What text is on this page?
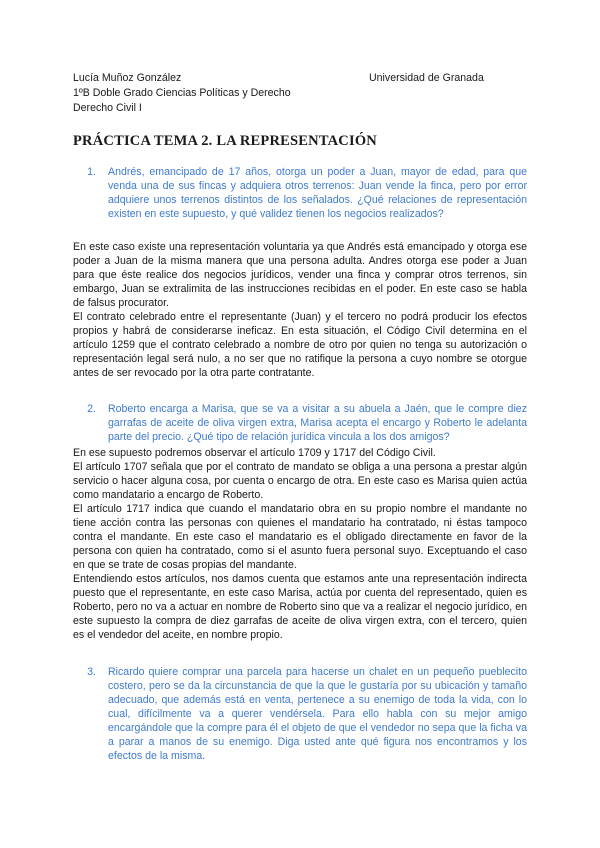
Lucía Muñoz González	Universidad de Granada
1ºB Doble Grado Ciencias Políticas y Derecho
Derecho Civil I
PRÁCTICA TEMA 2. LA REPRESENTACIÓN
1.	Andrés, emancipado de 17 años, otorga un poder a Juan, mayor de edad, para que venda una de sus fincas y adquiera otros terrenos: Juan vende la finca, pero por error adquiere unos terrenos distintos de los señalados. ¿Qué relaciones de representación existen en este supuesto, y qué validez tienen los negocios realizados?

En este caso existe una representación voluntaria ya que Andrés está emancipado y otorga ese poder a Juan de la misma manera que una persona adulta. Andres otorga ese poder a Juan para que éste realice dos negocios jurídicos, vender una finca y comprar otros terrenos, sin embargo, Juan se extralimita de las instrucciones recibidas en el poder. En este caso se habla de falsus procurator.

El contrato celebrado entre el representante (Juan) y el tercero no podrá producir los efectos propios y habrá de considerarse ineficaz. En esta situación, el Código Civil determina en el artículo 1259 que el contrato celebrado a nombre de otro por quien no tenga su autorización o representación legal será nulo, a no ser que no ratifique la persona a cuyo nombre se otorgue antes de ser revocado por la otra parte contratante.

2.	Roberto encarga a Marisa, que se va a visitar a su abuela a Jaén, que le compre diez garrafas de aceite de oliva virgen extra, Marisa acepta el encargo y Roberto le adelanta parte del precio. ¿Qué tipo de relación jurídica vincula a los dos amigos?

En ese supuesto podremos observar el artículo 1709 y 1717 del Código Civil.

El artículo 1707 señala que por el contrato de mandato se obliga a una persona a prestar algún servicio o hacer alguna cosa, por cuenta o encargo de otra. En este caso es Marisa quien actúa como mandatario a encargo de Roberto.

El artículo 1717 indica que cuando el mandatario obra en su propio nombre el mandante no tiene acción contra las personas con quienes el mandatario ha contratado, ni éstas tampoco contra el mandante. En este caso el mandatario es el obligado directamente en favor de la persona con quien ha contratado, como si el asunto fuera personal suyo. Exceptuando el caso en que se trate de cosas propias del mandante.

Entendiendo estos artículos, nos damos cuenta que estamos ante una representación indirecta puesto que el representante, en este caso Marisa, actúa por cuenta del representado, quien es Roberto, pero no va a actuar en nombre de Roberto sino que va a realizar el negocio jurídico, en este supuesto la compra de diez garrafas de aceite de oliva virgen extra, con el tercero, quien es el vendedor del aceite, en nombre propio.

3.	Ricardo quiere comprar una parcela para hacerse un chalet en un pequeño pueblecito costero, pero se da la circunstancia de que la que le gustaría por su ubicación y tamaño adecuado, que además está en venta, pertenece a su enemigo de toda la vida, con lo cual, difícilmente va a querer vendérsela. Para ello habla con su mejor amigo encargándole que la compre para él el objeto de que el vendedor no sepa que la ficha va a parar a manos de su enemigo. Diga usted ante qué figura nos encontramos y los efectos de la misma.
